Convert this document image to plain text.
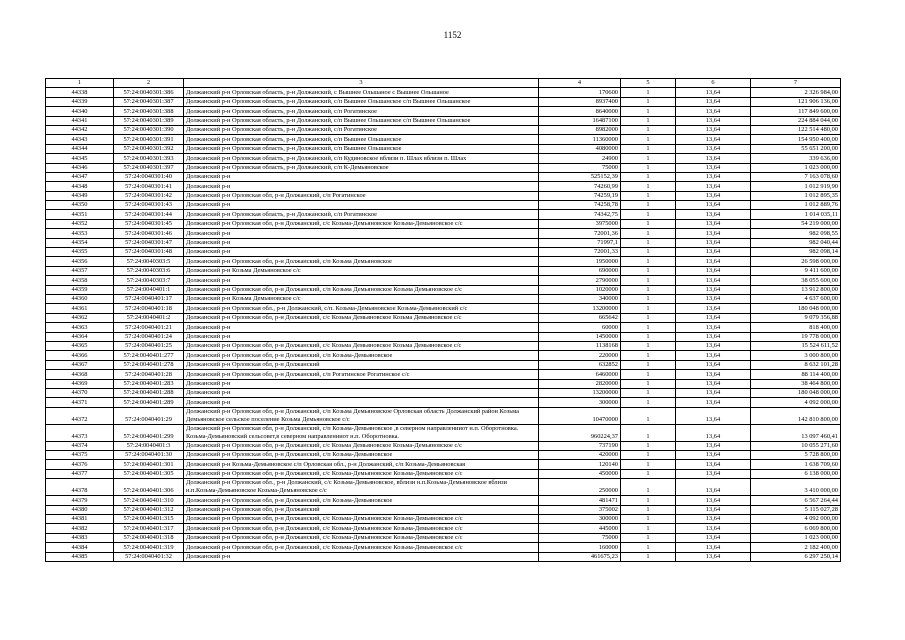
1152
1	2	3	4	5	6	7
44338	57:24:0040301:386	Должанский р-н Орловская область, р-н Должанский, с Вышнее Ольшаное с Вышнее Ольшаное	170600	1	13,64	2 326 984,00
44339	57:24:0040301:387	Должанский р-н Орловская область, р-н Должанский, с/п Вышнее Ольшанское с/п Вышнее Ольшанское	8937400	1	13,64	121 906 136,00
44340	57:24:0040301:388	Должанский р-н Орловская область, р-н Должанский, с/п Рогатинское	8640000	1	13,64	117 849 600,00
44341	57:24:0040301:389	Должанский р-н Орловская область, р-н Должанский, с/п Вышнее Ольшанское с/п Вышнее Ольшанское	16487100	1	13,64	224 884 044,00
44342	57:24:0040301:390	Должанский р-н Орловская область, р-н Должанский, с/п Рогатинское	8982000	1	13,64	122 514 480,00
44343	57:24:0040301:391	Должанский р-н Орловская область, р-н Должанский, с/п Вышнее Ольшанское	11360000	1	13,64	154 950 400,00
44344	57:24:0040301:392	Должанский р-н Орловская область, р-н Должанский, с/п Вышнее Ольшанское	4080000	1	13,64	55 651 200,00
44345	57:24:0040301:393	Должанский р-н Орловская область, р-н Должанский, с/п Кудиновское вблизи п. Шлах вблизи п. Шлах	24900	1	13,64	339 636,00
44346	57:24:0040301:397	Должанский р-н Орловская область, р-н Должанский, с/п К-Демьяновское	75000	1	13,64	1 023 000,00
44347	57:24:0040301:40	Должанский р-н	525152,39	1	13,64	7 163 078,60
44348	57:24:0040301:41	Должанский р-н	74260,99	1	13,64	1 012 919,90
44349	57:24:0040301:42	Должанский р-н Орловская обл, р-н Должанский, с/п Рогатинское	74259,19	1	13,64	1 012 895,35
44350	57:24:0040301:43	Должанский р-н	74258,78	1	13,64	1 012 889,76
44351	57:24:0040301:44	Должанский р-н Орловская область, р-н Должанский, с/п Рогатинское	74342,75	1	13,64	1 014 035,11
44352	57:24:0040301:45	Должанский р-н Орловская обл, р-н Должанский, с/с Козьма-Демьяновское Козьма-Демьяновское с/с	3975000	1	13,64	54 219 000,00
44353	57:24:0040301:46	Должанский р-н	72001,36	1	13,64	982 098,55
44354	57:24:0040301:47	Должанский р-н	71997,1	1	13,64	982 040,44
44355	57:24:0040301:48	Должанский р-н	72001,33	1	13,64	982 098,14
44356	57:24:0040303:5	Должанский р-н Орловская обл, р-н Должанский, с/п Козьма Демьяновское	1950000	1	13,64	26 598 000,00
44357	57:24:0040303:6	Должанский р-н Козьма Демьяновское с/с	690000	1	13,64	9 411 600,00
44358	57:24:0040303:7	Должанский р-н	2790000	1	13,64	38 055 600,00
44359	57:24:0040401:1	Должанский р-н Орловская обл, р-н Должанский, с/п Козьма Демьяновское Козьма Демьяновское с/с	1020000	1	13,64	13 912 800,00
44360	57:24:0040401:17	Должанский р-н Козьма Демьяновское с/с	340000	1	13,64	4 637 600,00
44361	57:24:0040401:18	Должанский р-н Орловская обл., р-н Должанский, с/п. Козьма-Демьяновское Козьма-Демьяновский с/с	13200000	1	13,64	180 048 000,00
44362	57:24:0040401:2	Должанский р-н Орловская обл, р-н Должанский, с/с Козьма Демьяновское Козьма Демьяновское с/с	665642	1	13,64	9 079 356,88
44363	57:24:0040401:21	Должанский р-н	60000	1	13,64	818 400,00
44364	57:24:0040401:24	Должанский р-н	1450000	1	13,64	19 778 000,00
44365	57:24:0040401:25	Должанский р-н Орловская обл, р-н Должанский, с/с Козьма Демьяновское Козьма Демьяновское с/с	1138168	1	13,64	15 524 611,52
44366	57:24:0040401:277	Должанский р-н Орловская обл, р-н Должанский, с/п Козьма-Демьяновское	220000	1	13,64	3 000 800,00
44367	57:24:0040401:278	Должанский р-н Орловская обл, р-н Должанский	632852	1	13,64	8 632 101,28
44368	57:24:0040401:28	Должанский р-н Орловская обл, р-н Должанский, с/п Рогатинское Рогатинское с/с	6460000	1	13,64	88 114 400,00
44369	57:24:0040401:283	Должанский р-н	2820000	1	13,64	38 464 800,00
44370	57:24:0040401:288	Должанский р-н	13200000	1	13,64	180 048 000,00
44371	57:24:0040401:289	Должанский р-н	300000	1	13,64	4 092 000,00
44372	57:24:0040401:29	Должанский р-н Орловская обл, р-н Должанский, с/п Козьма Демьяновское Орловская область Должанский район Козьма Демьяновское сельское поселение Козьма Демьяновское с/с	10470000	1	13,64	142 810 800,00
44373	57:24:0040401:299	Должанский р-н Орловская обл, р-н Должанский, с/п Козьма-Демьяновское ,в северном направленииот н.п. Оборотновка. Козьма-Демьяновский сельсовет,в северном направленииот н.п. Оборотновка.	960224,37	1	13,64	13 097 460,41
44374	57:24:0040401:3	Должанский р-н Орловская обл, р-н Должанский, с/с Козьма Демьяновское Козьма-Демьяновское с/с	737190	1	13,64	10 055 271,60
44375	57:24:0040401:30	Должанский р-н Орловская обл, р-н Должанский, с/п Козьма-Демьяновское	420000	1	13,64	5 728 800,00
44376	57:24:0040401:301	Должанский р-н Козьма-Демьяновское с/п Орловская обл., р-н Должанский, с/п Козьма-Демьяновская	120140	1	13,64	1 638 709,60
44377	57:24:0040401:305	Должанский р-н Орловская обл, р-н Должанский, с/с Козьма-Демьяновское Козьма-Демьяновское с/с	450000	1	13,64	6 138 000,00
44378	57:24:0040401:306	Должанский р-н Орловская обл., р-н Должанский, с/с Козьма-Демьяновское, вблизи н.п.Козьма-Демьяновское вблизи н.п.Козьма-Демьяновское Козьма-Демьяновское с/с	250000	1	13,64	3 410 000,00
44379	57:24:0040401:310	Должанский р-н Орловская обл, р-н Должанский, с/п Козьма-Демьяновское	481471	1	13,64	6 567 264,44
44380	57:24:0040401:312	Должанский р-н Орловская обл, р-н Должанский	375002	1	13,64	5 115 027,28
44381	57:24:0040401:315	Должанский р-н Орловская обл, р-н Должанский, с/с Козьма-Демьяновское Козьма-Демьяновское с/с	300000	1	13,64	4 092 000,00
44382	57:24:0040401:317	Должанский р-н Орловская обл, р-н Должанский, с/с Козьма-Демьяновское Козьма-Демьяновское с/с	445000	1	13,64	6 069 800,00
44383	57:24:0040401:318	Должанский р-н Орловская обл, р-н Должанский, с/с Козьма-Демьяновское Козьма-Демьяновское с/с	75000	1	13,64	1 023 000,00
44384	57:24:0040401:319	Должанский р-н Орловская обл, р-н Должанский, с/с Козьма-Демьяновское Козьма-Демьяновское с/с	160000	1	13,64	2 182 400,00
44385	57:24:0040401:32	Должанский р-н	461675,23	1	13,64	6 297 250,14
